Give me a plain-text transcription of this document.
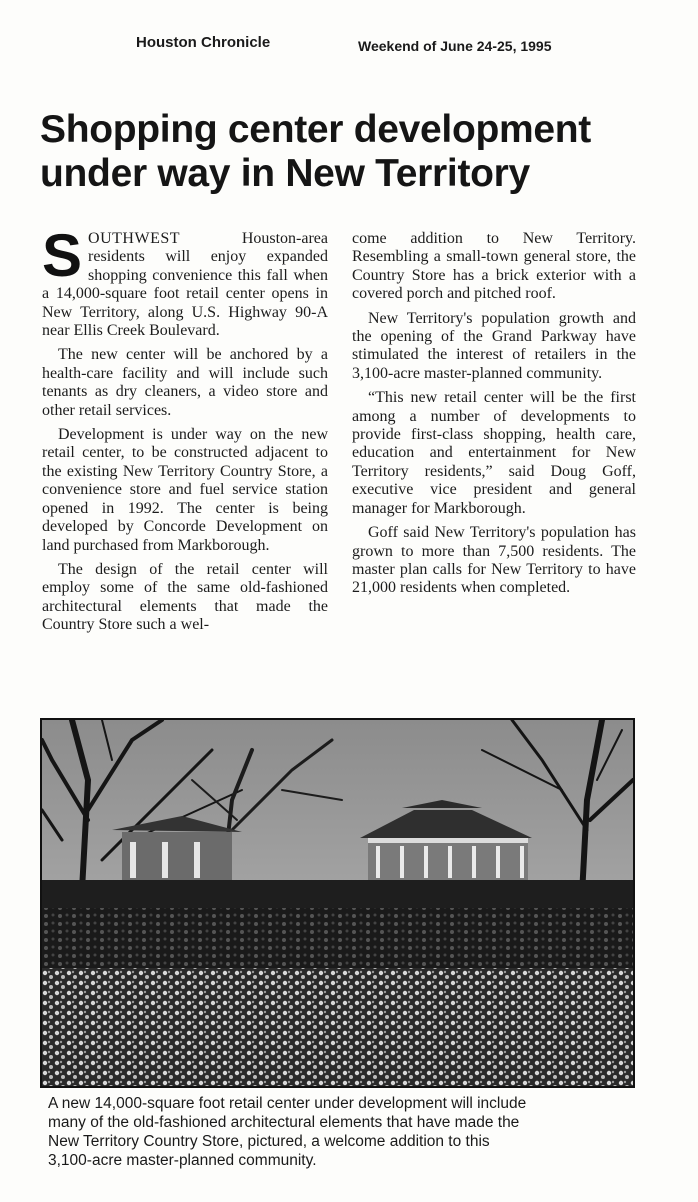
Houston Chronicle	Weekend of June 24-25, 1995
Shopping center development
under way in New Territory

SOUTHWEST Houston-area residents will enjoy expanded shopping convenience this fall when a 14,000-square foot retail center opens in New Territory, along U.S. Highway 90-A near Ellis Creek Boulevard.

The new center will be anchored by a health-care facility and will include such tenants as dry cleaners, a video store and other retail services.

Development is under way on the new retail center, to be constructed adjacent to the existing New Territory Country Store, a convenience store and fuel service station opened in 1992. The center is being developed by Concorde Development on land purchased from Markborough.

The design of the retail center will employ some of the same old-fashioned architectural elements that made the Country Store such a wel-

come addition to New Territory. Resembling a small-town general store, the Country Store has a brick exterior with a covered porch and pitched roof.

New Territory's population growth and the opening of the Grand Parkway have stimulated the interest of retailers in the 3,100-acre master-planned community.

“This new retail center will be the first among a number of developments to provide first-class shopping, health care, education and entertainment for New Territory residents,” said Doug Goff, executive vice president and general manager for Markborough.

Goff said New Territory's population has grown to more than 7,500 residents. The master plan calls for New Territory to have 21,000 residents when completed.

A new 14,000-square foot retail center under development will include
many of the old-fashioned architectural elements that have made the
New Territory Country Store, pictured, a welcome addition to this
3,100-acre master-planned community.
